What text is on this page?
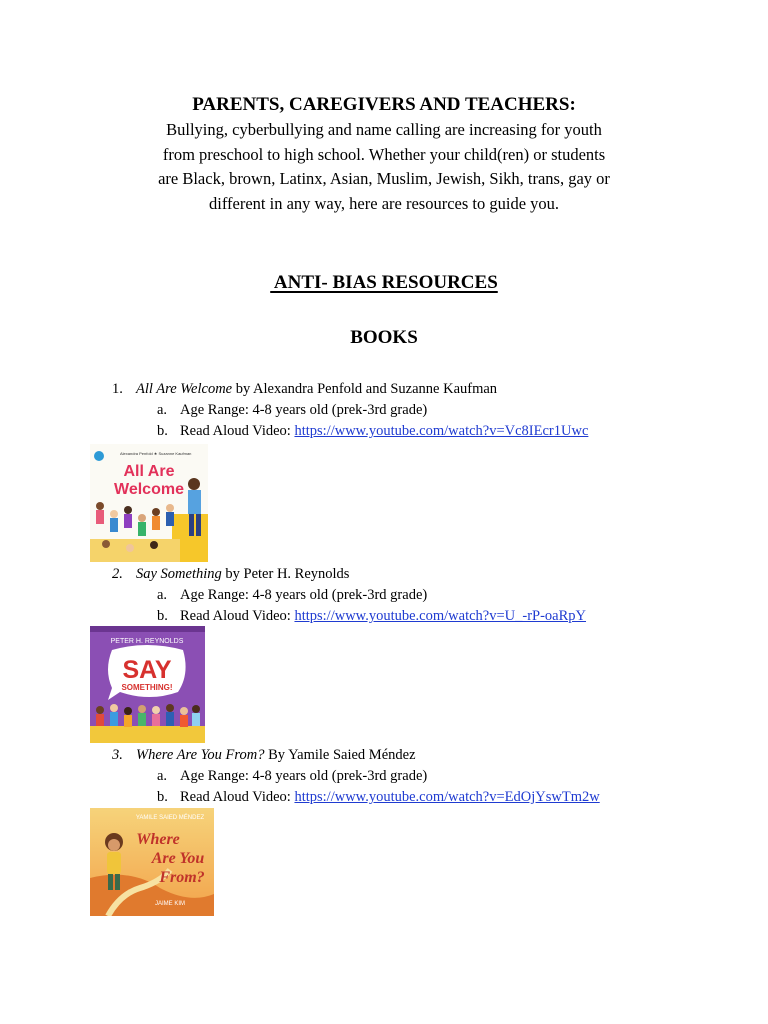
PARENTS, CAREGIVERS AND TEACHERS:

Bullying, cyberbullying and name calling are increasing for youth

from preschool to high school. Whether your child(ren) or students

are Black, brown, Latinx, Asian, Muslim, Jewish, Sikh, trans, gay or

different in any way, here are resources to guide you.

ANTI- BIAS RESOURCES
BOOKS
1. All Are Welcome by Alexandra Penfold and Suzanne Kaufman
a. Age Range: 4-8 years old (prek-3rd grade)
b. Read Aloud Video: https://www.youtube.com/watch?v=Vc8IEcr1Uwc
Alexandra Penfold ★ Suzanne Kaufman
All Are
Welcome
2. Say Something by Peter H. Reynolds
a. Age Range: 4-8 years old (prek-3rd grade)
b. Read Aloud Video: https://www.youtube.com/watch?v=U_-rP-oaRpY
PETER H. REYNOLDS
SAY
SOMETHING!
3. Where Are You From? By Yamile Saied Méndez
a. Age Range: 4-8 years old (prek-3rd grade)
b. Read Aloud Video: https://www.youtube.com/watch?v=EdOjYswTm2w
YAMILE SAIED MÉNDEZ
Where
Are You
From?
JAIME KIM
